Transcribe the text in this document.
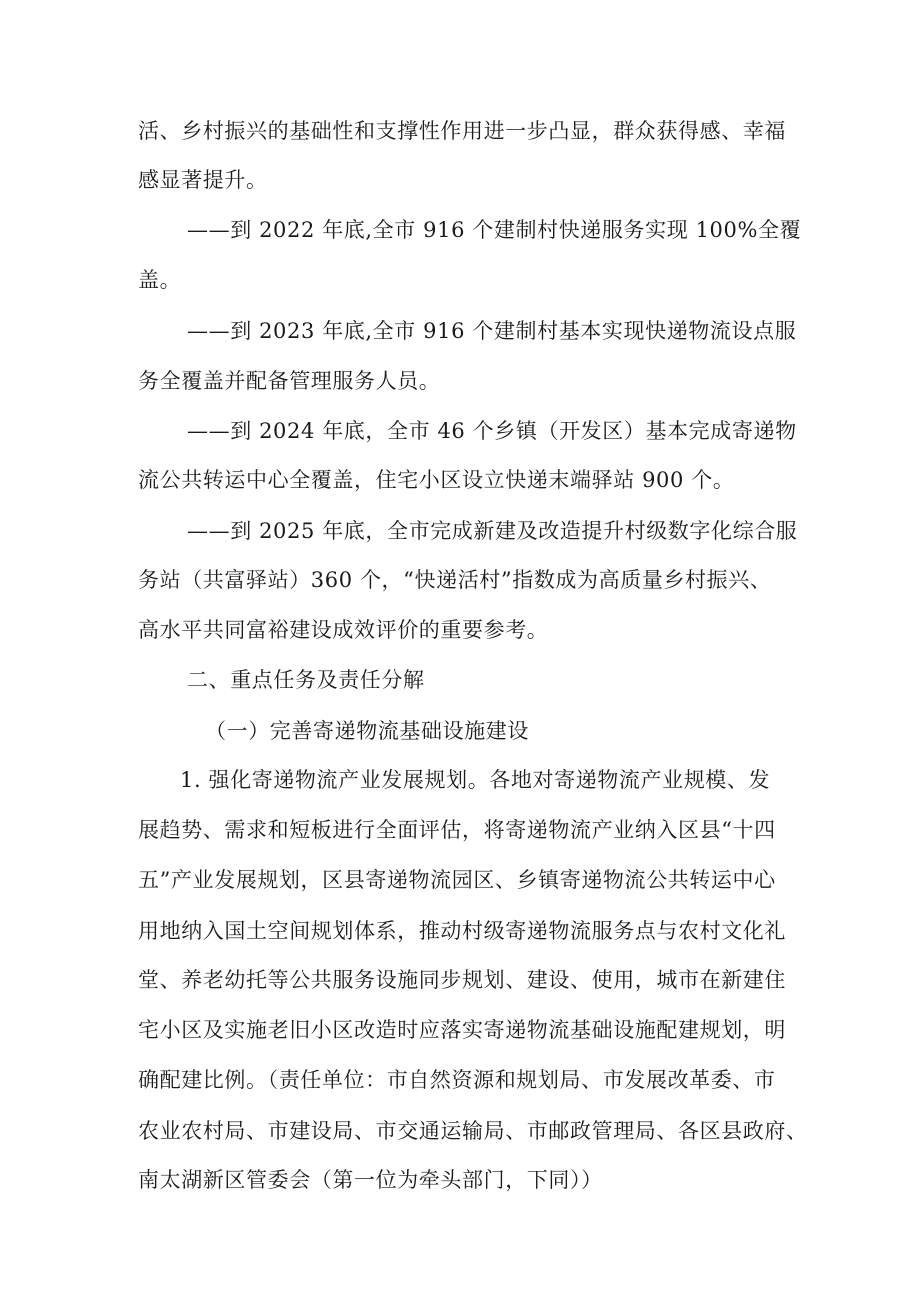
活、乡村振兴的基础性和支撑性作用进一步凸显，群众获得感、幸福
感显著提升。
——到 2022 年底,全市 916 个建制村快递服务实现 100%全覆
盖。
——到 2023 年底,全市 916 个建制村基本实现快递物流设点服
务全覆盖并配备管理服务人员。
——到 2024 年底，全市 46 个乡镇（开发区）基本完成寄递物
流公共转运中心全覆盖，住宅小区设立快递末端驿站 900 个。
——到 2025 年底，全市完成新建及改造提升村级数字化综合服
务站（共富驿站）360 个，“快递活村”指数成为高质量乡村振兴、
高水平共同富裕建设成效评价的重要参考。
二、重点任务及责任分解
（一）完善寄递物流基础设施建设
1. 强化寄递物流产业发展规划。各地对寄递物流产业规模、发
展趋势、需求和短板进行全面评估，将寄递物流产业纳入区县“十四
五”产业发展规划，区县寄递物流园区、乡镇寄递物流公共转运中心
用地纳入国土空间规划体系，推动村级寄递物流服务点与农村文化礼
堂、养老幼托等公共服务设施同步规划、建设、使用，城市在新建住
宅小区及实施老旧小区改造时应落实寄递物流基础设施配建规划，明
确配建比例。（责任单位：市自然资源和规划局、市发展改革委、市
农业农村局、市建设局、市交通运输局、市邮政管理局、各区县政府、
南太湖新区管委会（第一位为牵头部门，下同））
